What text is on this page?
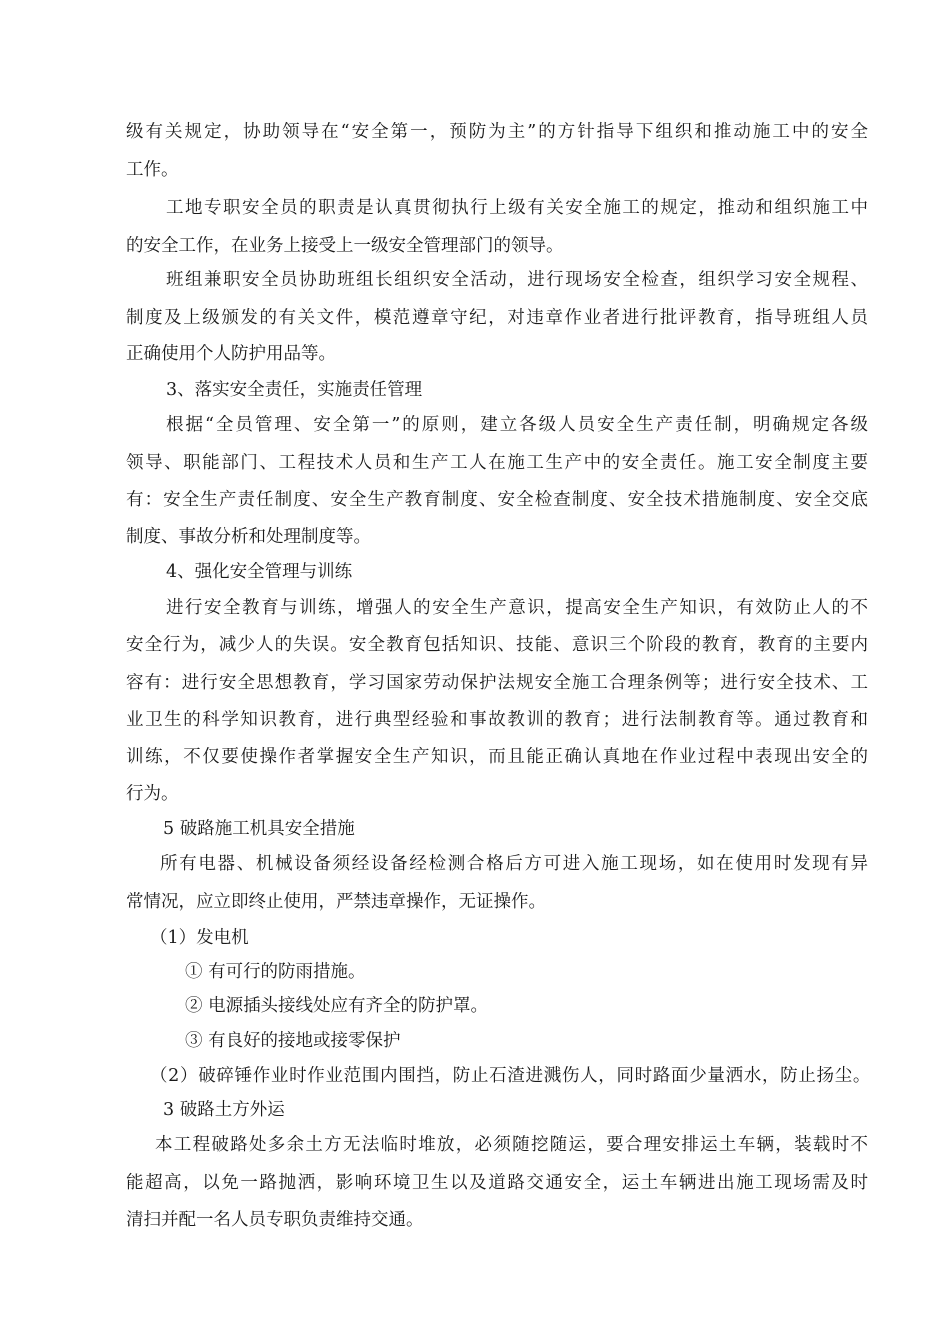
级有关规定，协助领导在“安全第一，预防为主”的方针指导下组织和推动施工中的安全
工作。
工地专职安全员的职责是认真贯彻执行上级有关安全施工的规定，推动和组织施工中
的安全工作，在业务上接受上一级安全管理部门的领导。
班组兼职安全员协助班组长组织安全活动，进行现场安全检查，组织学习安全规程、
制度及上级颁发的有关文件，模范遵章守纪，对违章作业者进行批评教育，指导班组人员
正确使用个人防护用品等。
3、落实安全责任，实施责任管理
根据“全员管理、安全第一”的原则，建立各级人员安全生产责任制，明确规定各级
领导、职能部门、工程技术人员和生产工人在施工生产中的安全责任。施工安全制度主要
有：安全生产责任制度、安全生产教育制度、安全检查制度、安全技术措施制度、安全交底
制度、事故分析和处理制度等。
4、强化安全管理与训练
进行安全教育与训练，增强人的安全生产意识，提高安全生产知识，有效防止人的不
安全行为，减少人的失误。安全教育包括知识、技能、意识三个阶段的教育，教育的主要内
容有：进行安全思想教育，学习国家劳动保护法规安全施工合理条例等；进行安全技术、工
业卫生的科学知识教育，进行典型经验和事故教训的教育；进行法制教育等。通过教育和
训练，不仅要使操作者掌握安全生产知识，而且能正确认真地在作业过程中表现出安全的
行为。
5 破路施工机具安全措施
所有电器、机械设备须经设备经检测合格后方可进入施工现场，如在使用时发现有异
常情况，应立即终止使用，严禁违章操作，无证操作。
（1）发电机
① 有可行的防雨措施。
② 电源插头接线处应有齐全的防护罩。
③ 有良好的接地或接零保护
（2）破碎锤作业时作业范围内围挡，防止石渣进溅伤人，同时路面少量洒水，防止扬尘。
3 破路土方外运
本工程破路处多余土方无法临时堆放，必须随挖随运，要合理安排运土车辆，装载时不
能超高，以免一路抛洒，影响环境卫生以及道路交通安全，运土车辆进出施工现场需及时
清扫并配一名人员专职负责维持交通。
